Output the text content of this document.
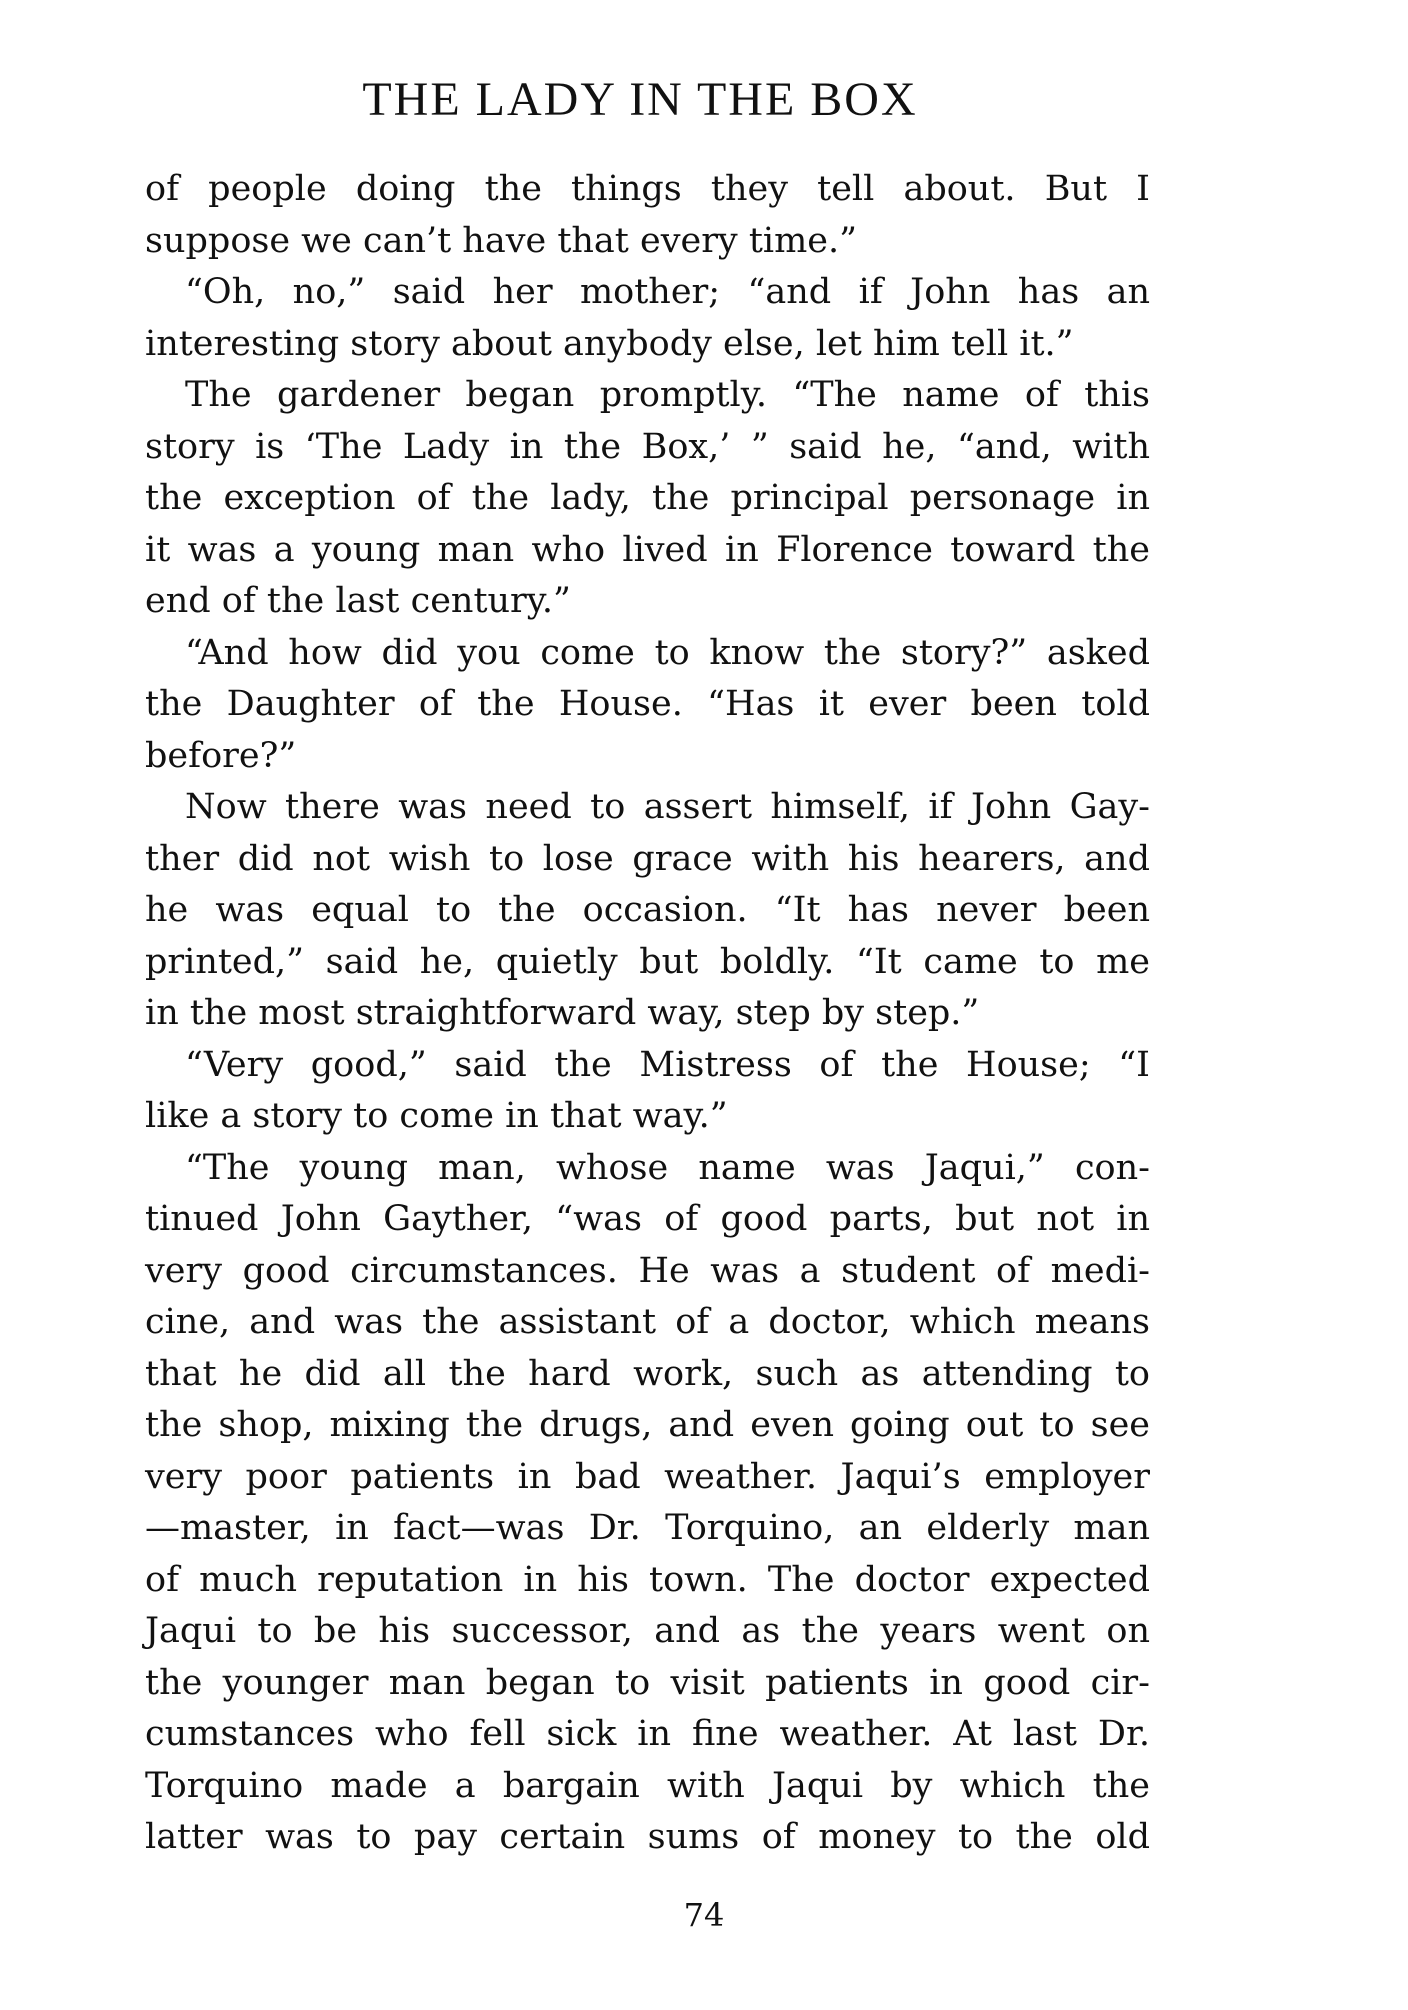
THE LADY IN THE BOX
of people doing the things they tell about. But I
suppose we can’t have that every time.”
“Oh, no,” said her mother; “and if John has an
interesting story about anybody else, let him tell it.”
The gardener began promptly. “The name of this
story is ‘The Lady in the Box,’ ” said he, “and, with
the exception of the lady, the principal personage in
it was a young man who lived in Florence toward the
end of the last century.”
“And how did you come to know the story?” asked
the Daughter of the House. “Has it ever been told
before?”
Now there was need to assert himself, if John Gay-
ther did not wish to lose grace with his hearers, and
he was equal to the occasion. “It has never been
printed,” said he, quietly but boldly. “It came to me
in the most straightforward way, step by step.”
“Very good,” said the Mistress of the House; “I
like a story to come in that way.”
“The young man, whose name was Jaqui,” con-
tinued John Gayther, “was of good parts, but not in
very good circumstances. He was a student of medi-
cine, and was the assistant of a doctor, which means
that he did all the hard work, such as attending to
the shop, mixing the drugs, and even going out to see
very poor patients in bad weather. Jaqui’s employer
—master, in fact—was Dr. Torquino, an elderly man
of much reputation in his town. The doctor expected
Jaqui to be his successor, and as the years went on
the younger man began to visit patients in good cir-
cumstances who fell sick in fine weather. At last Dr.
Torquino made a bargain with Jaqui by which the
latter was to pay certain sums of money to the old
74
